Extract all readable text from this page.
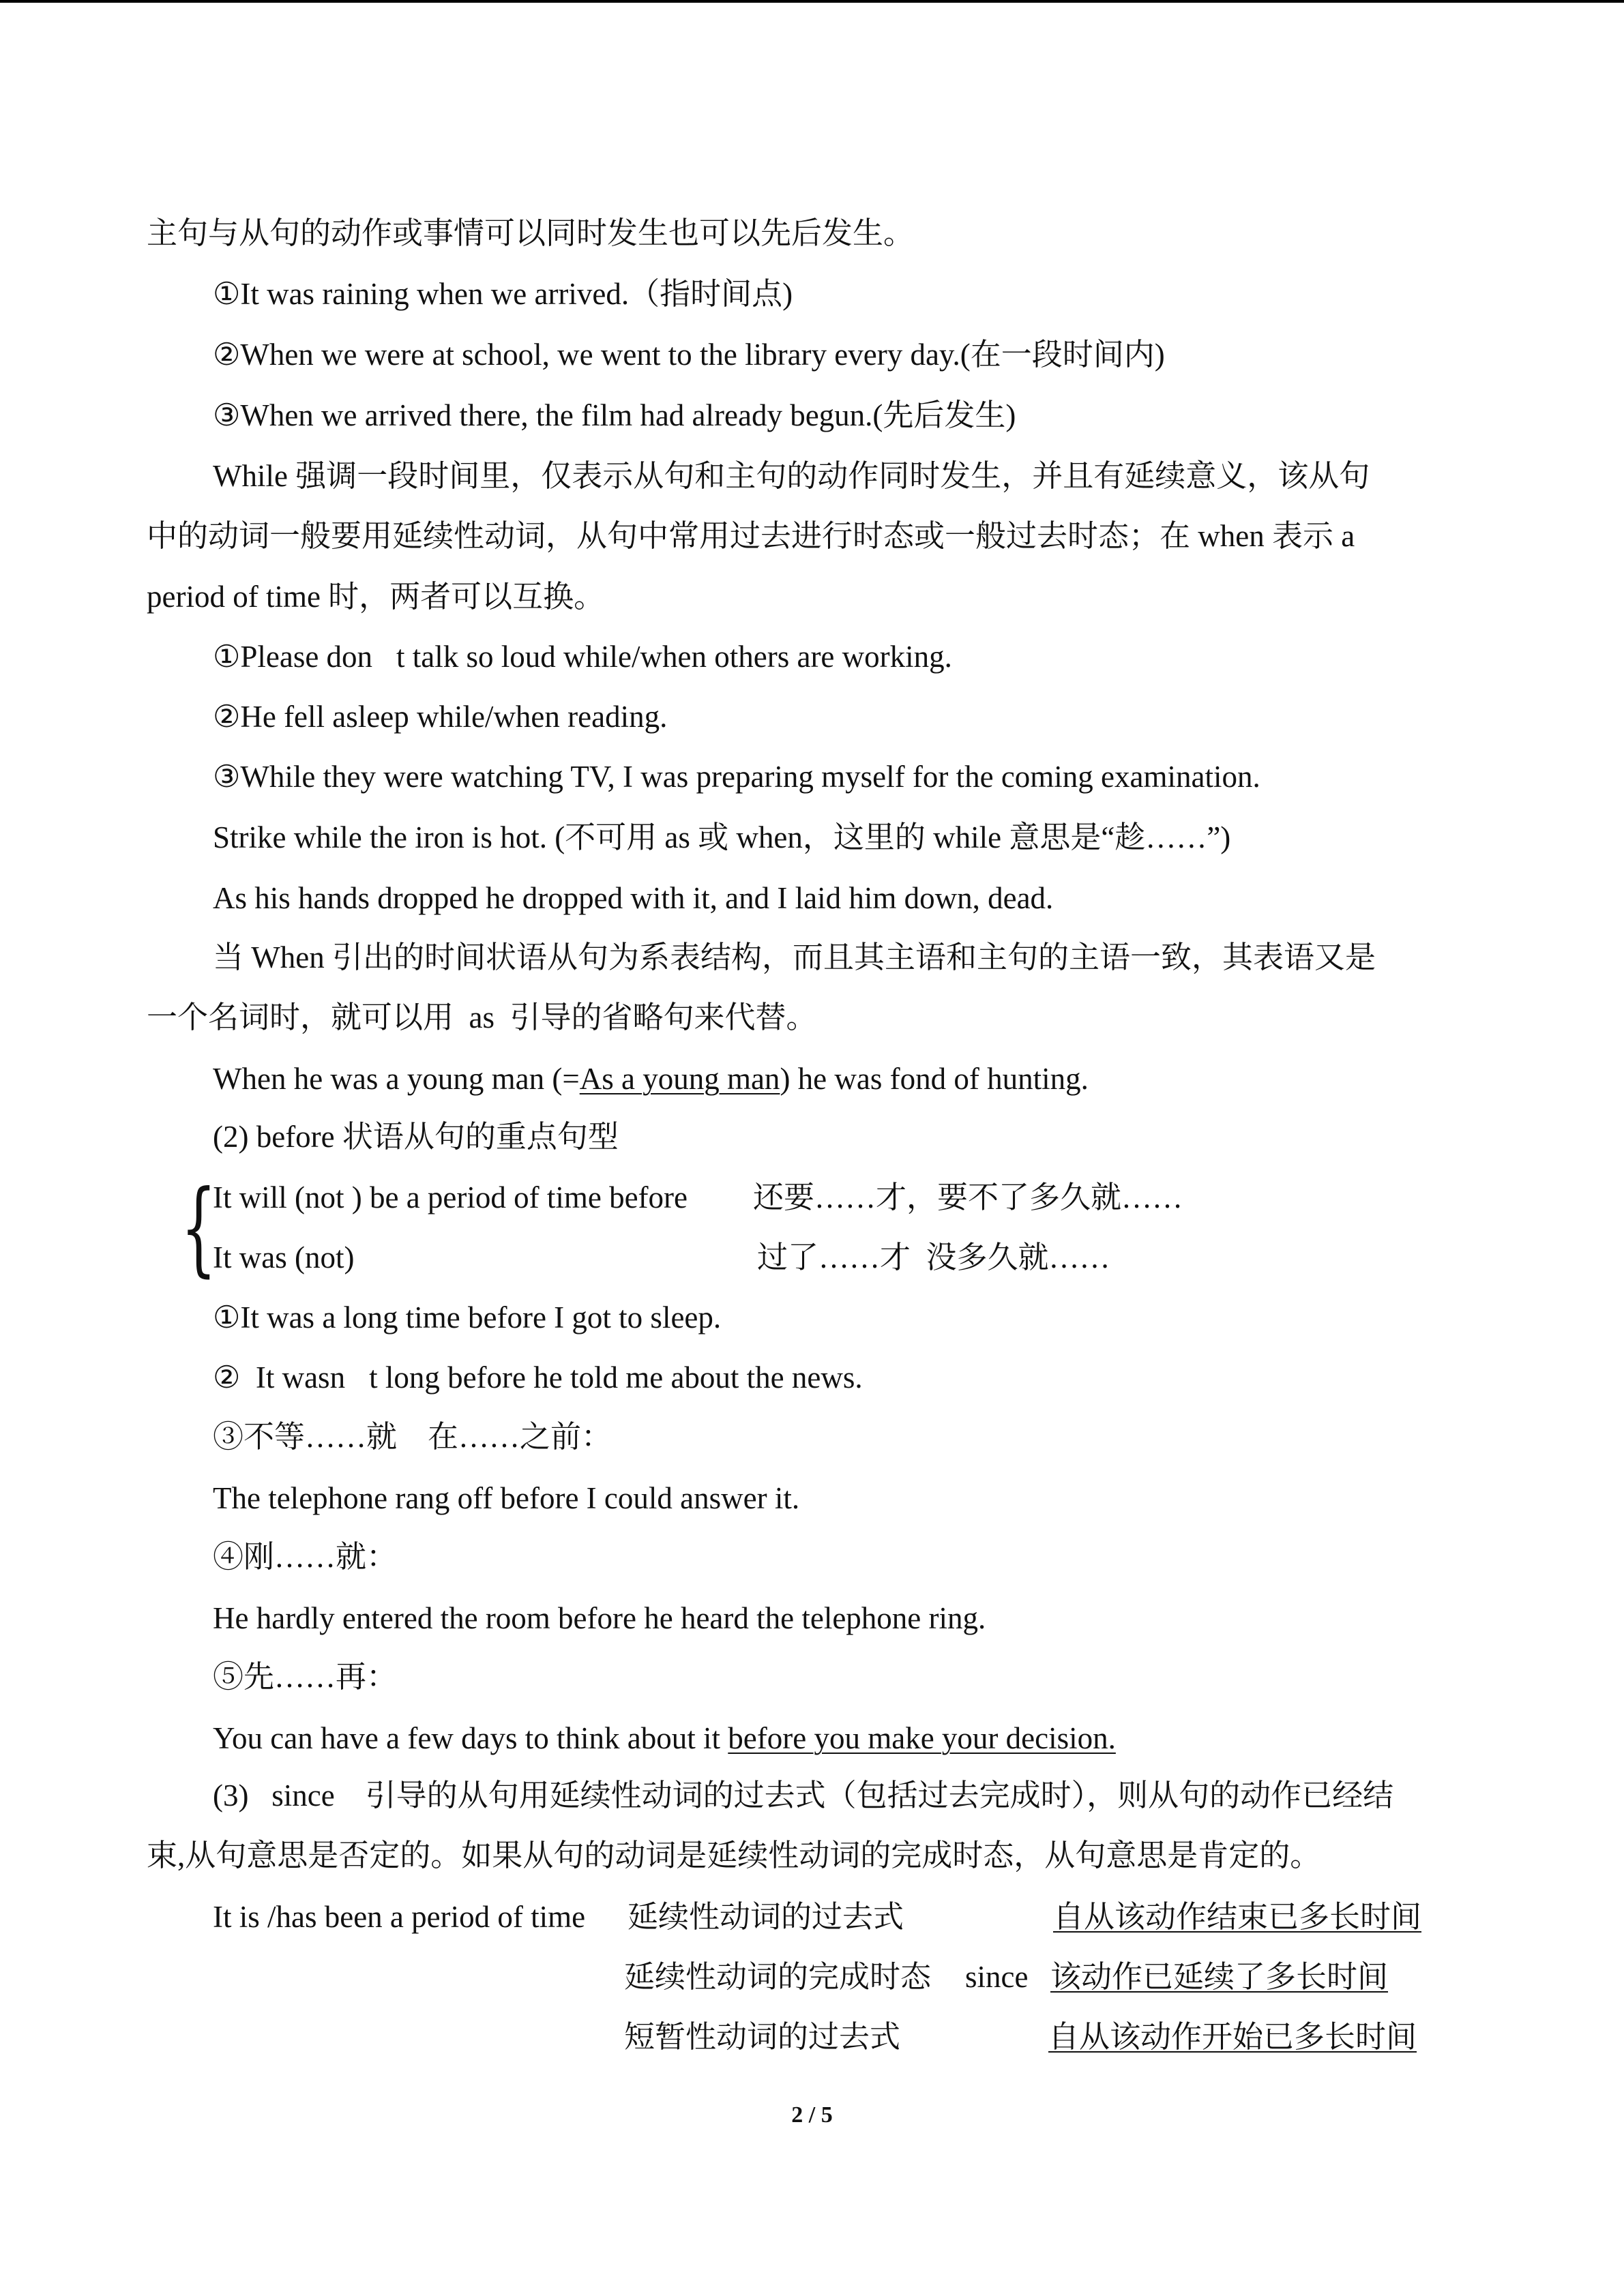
主句与从句的动作或事情可以同时发生也可以先后发生。
①It was raining when we arrived.（指时间点)
②When we were at school, we went to the library every day.(在一段时间内)
③When we arrived there, the film had already begun.(先后发生)
While 强调一段时间里，仅表示从句和主句的动作同时发生，并且有延续意义，该从句
中的动词一般要用延续性动词，从句中常用过去进行时态或一般过去时态；在 when 表示 a
period of time 时，两者可以互换。
①Please don t talk so loud while/when others are working.
②He fell asleep while/when reading.
③While they were watching TV, I was preparing myself for the coming examination.
Strike while the iron is hot. (不可用 as 或 when，这里的 while 意思是“趁……”)
As his hands dropped he dropped with it, and I laid him down, dead.
当 When 引出的时间状语从句为系表结构，而且其主语和主句的主语一致，其表语又是
一个名词时，就可以用  as  引导的省略句来代替。
When he was a young man (=As a young man) he was fond of hunting.
(2) before 状语从句的重点句型
{
It will (not ) be a period of time before 还要……才，要不了多久就……
It was (not)	过了……才  没多久就……
①It was a long time before I got to sleep.
②  It wasn t long before he told me about the news.
③不等……就    在……之前：
The telephone rang off before I could answer it.
④刚……就：
He hardly entered the room before he heard the telephone ring.
⑤先……再：
You can have a few days to think about it before you make your decision.
(3)   since    引导的从句用延续性动词的过去式（包括过去完成时），则从句的动作已经结
束,从句意思是否定的。如果从句的动词是延续性动词的完成时态，从句意思是肯定的。
It is /has been a period of time 延续性动词的过去式
延续性动词的完成时态 since
短暂性动词的过去式
自从该动作结束已多长时间
该动作已延续了多长时间
自从该动作开始已多长时间
2 / 5
